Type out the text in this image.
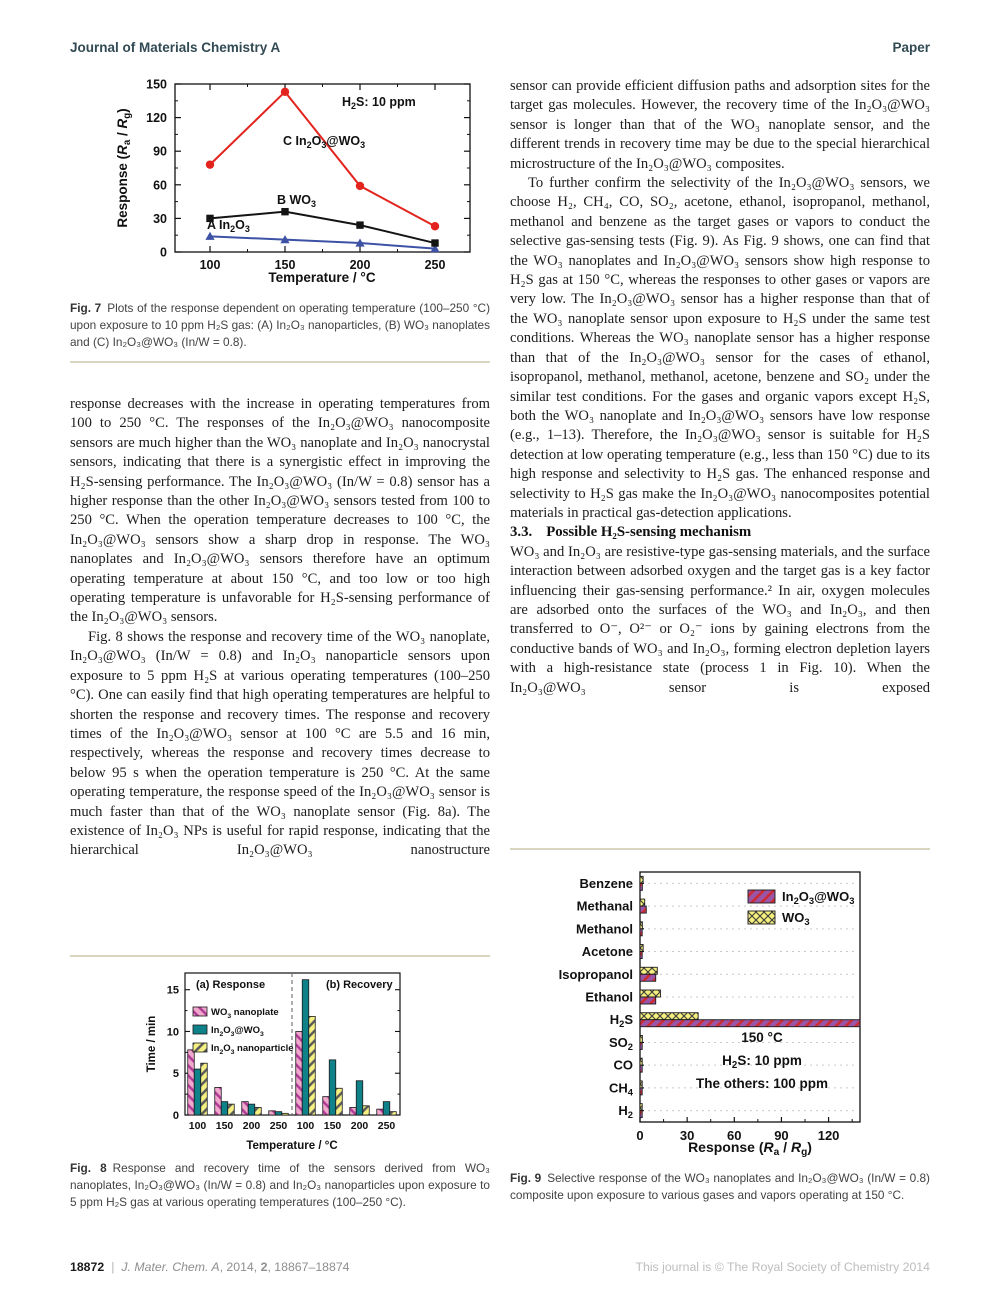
Journal of Materials Chemistry A	Paper
0
30
60
90
120
150
100	150	200	250
A $In_2O_3$
B $WO_3$
C $In_2O_3@WO_3$
$H_2S$: 10 ppm
Temperature / °C
Response $(R_a / R_g)$
Fig. 7 Plots of the response dependent on operating temperature (100–250 °C) upon exposure to 10 ppm H₂S gas: (A) In₂O₃ nanoparticles, (B) WO₃ nanoplates and (C) In₂O₃@WO₃ (In/W = 0.8).

response decreases with the increase in operating temperatures from 100 to 250 °C. The responses of the In₂O₃@WO₃ nanocomposite sensors are much higher than the WO₃ nanoplate and In₂O₃ nanocrystal sensors, indicating that there is a synergistic effect in improving the H₂S-sensing performance. The In₂O₃@WO₃ (In/W = 0.8) sensor has a higher response than the other In₂O₃@WO₃ sensors tested from 100 to 250 °C. When the operation temperature decreases to 100 °C, the In₂O₃@WO₃ sensors show a sharp drop in response. The WO₃ nanoplates and In₂O₃@WO₃ sensors therefore have an optimum operating temperature at about 150 °C, and too low or too high operating temperature is unfavorable for H₂S-sensing performance of the In₂O₃@WO₃ sensors.

Fig. 8 shows the response and recovery time of the WO₃ nanoplate, In₂O₃@WO₃ (In/W = 0.8) and In₂O₃ nanoparticle sensors upon exposure to 5 ppm H₂S at various operating temperatures (100–250 °C). One can easily find that high operating temperatures are helpful to shorten the response and recovery times. The response and recovery times of the In₂O₃@WO₃ sensor at 100 °C are 5.5 and 16 min, respectively, whereas the response and recovery times decrease to below 95 s when the operation temperature is 250 °C. At the same operating temperature, the response speed of the In₂O₃@WO₃ sensor is much faster than that of the WO₃ nanoplate sensor (Fig. 8a). The existence of In₂O₃ NPs is useful for rapid response, indicating that the hierarchical In₂O₃@WO₃ nanostructure

0
5
10
15
100 150 200 250 100 150 200 250
(a) Response	(b) Recovery
$WO_3$ nanoplate
$In_2O_3@WO_3$
$In_2O_3$ nanoparticle
Temperature / °C
Time / min
Fig. 8 Response and recovery time of the sensors derived from WO₃ nanoplates, In₂O₃@WO₃ (In/W = 0.8) and In₂O₃ nanoparticles upon exposure to 5 ppm H₂S gas at various operating temperatures (100–250 °C).

sensor can provide efficient diffusion paths and adsorption sites for the target gas molecules. However, the recovery time of the In₂O₃@WO₃ sensor is longer than that of the WO₃ nanoplate sensor, and the different trends in recovery time may be due to the special hierarchical microstructure of the In₂O₃@WO₃ composites.

To further confirm the selectivity of the In₂O₃@WO₃ sensors, we choose H₂, CH₄, CO, SO₂, acetone, ethanol, isopropanol, methanol, methanol and benzene as the target gases or vapors to conduct the selective gas-sensing tests (Fig. 9). As Fig. 9 shows, one can find that the WO₃ nanoplates and In₂O₃@WO₃ sensors show high response to H₂S gas at 150 °C, whereas the responses to other gases or vapors are very low. The In₂O₃@WO₃ sensor has a higher response than that of the WO₃ nanoplate sensor upon exposure to H₂S under the same test conditions. Whereas the WO₃ nanoplate sensor has a higher response than that of the In₂O₃@WO₃ sensor for the cases of ethanol, isopropanol, methanol, methanol, acetone, benzene and SO₂ under the similar test conditions. For the gases and organic vapors except H₂S, both the WO₃ nanoplate and In₂O₃@WO₃ sensors have low response (e.g., 1–13). Therefore, the In₂O₃@WO₃ sensor is suitable for H₂S detection at low operating temperature (e.g., less than 150 °C) due to its high response and selectivity to H₂S gas. The enhanced response and selectivity to H₂S gas make the In₂O₃@WO₃ nanocomposites potential materials in practical gas-detection applications.

3.3. Possible H₂S-sensing mechanism

WO₃ and In₂O₃ are resistive-type gas-sensing materials, and the surface interaction between adsorbed oxygen and the target gas is a key factor influencing their gas-sensing performance.² In air, oxygen molecules are adsorbed onto the surfaces of the WO₃ and In₂O₃, and then transferred to O⁻, O²⁻ or O₂⁻ ions by gaining electrons from the conductive bands of WO₃ and In₂O₃, forming electron depletion layers with a high-resistance state (process 1 in Fig. 10). When the In₂O₃@WO₃ sensor is exposed

Benzene
Methanal
Methanol
Acetone
Isopropanol
Ethanol
$H_2S$
$SO_2$
CO
$CH_4$
$H_2$
0	30	60	90 120
$In_2O_3@WO_3$
$WO_3$
150 °C
$H_2S$: 10 ppm
The others: 100 ppm
Response $(R_a / R_g)$
Fig. 9 Selective response of the WO₃ nanoplates and In₂O₃@WO₃ (In/W = 0.8) composite upon exposure to various gases and vapors operating at 150 °C.
18872 | J. Mater. Chem. A, 2014, 2, 18867–18874	This journal is © The Royal Society of Chemistry 2014
